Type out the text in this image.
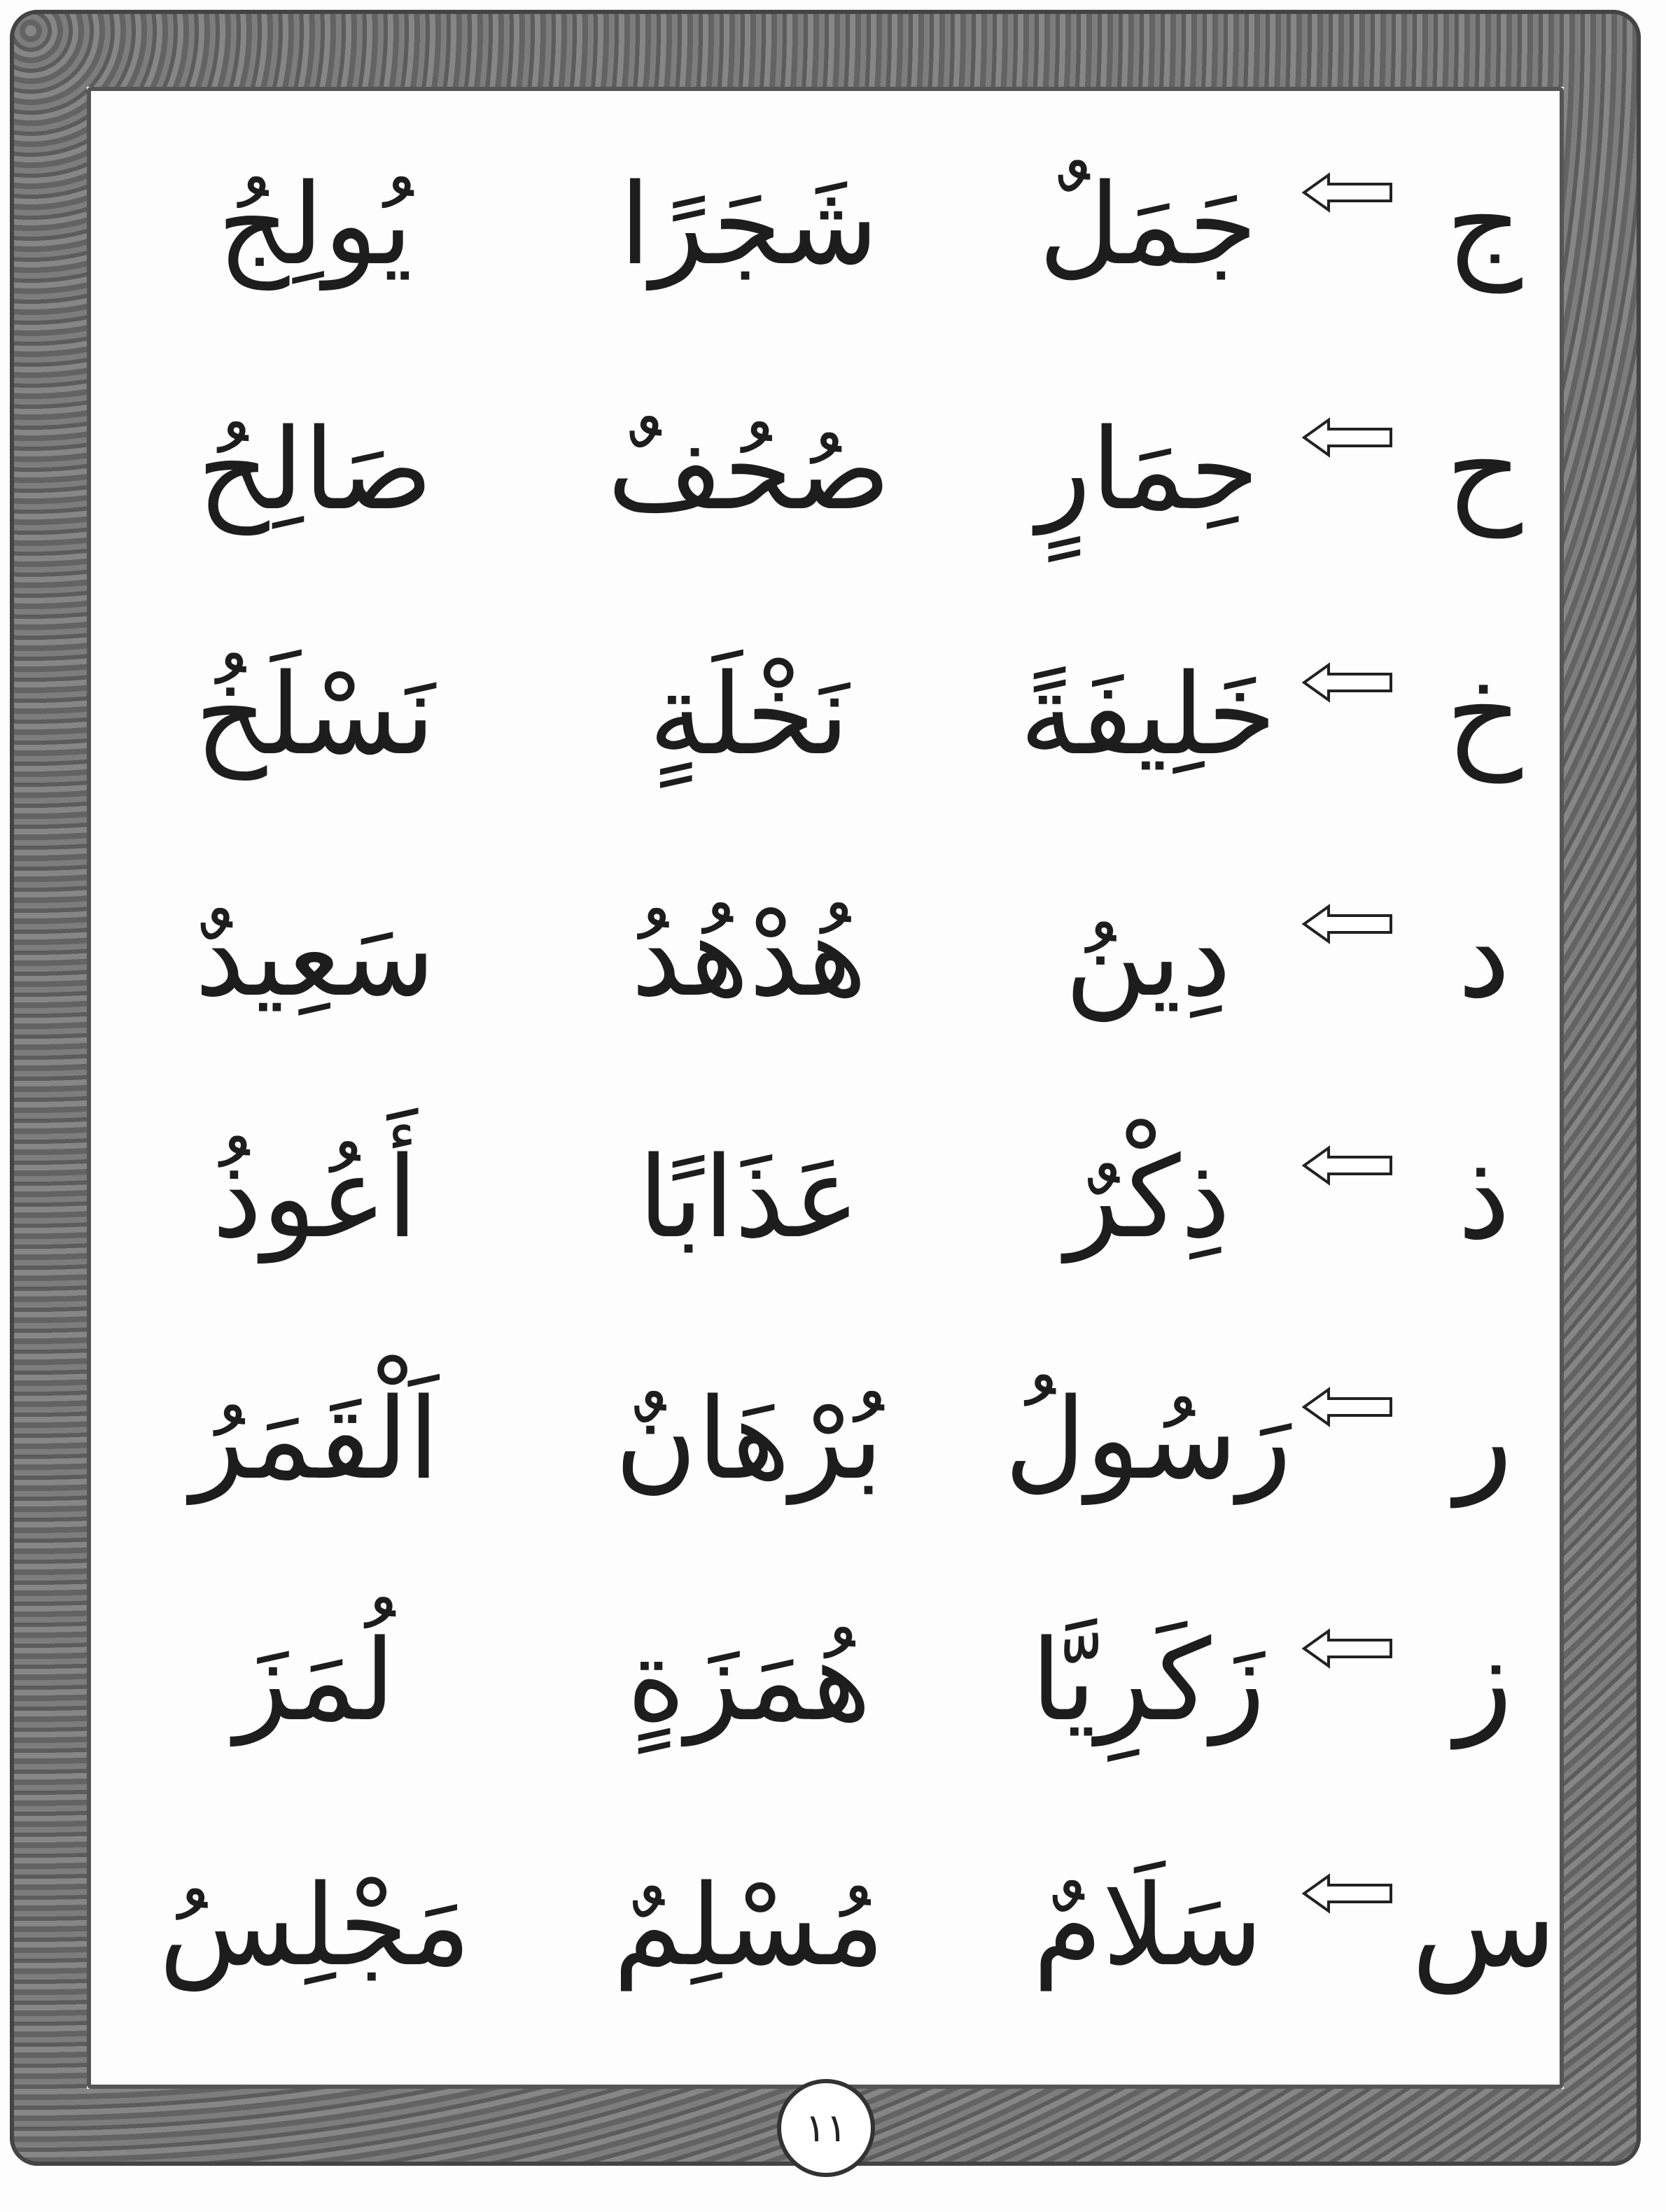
ج
جَمَلٌ
شَجَرًا
يُولِجُ
ح
حِمَارٍ
صُحُفٌ
صَالِحُ
خ
خَلِيفَةً
نَخْلَةٍ
نَسْلَخُ
د
دِينُ
هُدْهُدُ
سَعِيدٌ
ذ
ذِكْرٌ
عَذَابًا
أَعُوذُ
ر
رَسُولُ
بُرْهَانٌ
اَلْقَمَرُ
ز
زَكَرِيَّا
هُمَزَةٍ
لُمَزَ
س
سَلَامٌ
مُسْلِمٌ
مَجْلِسُ
١١
